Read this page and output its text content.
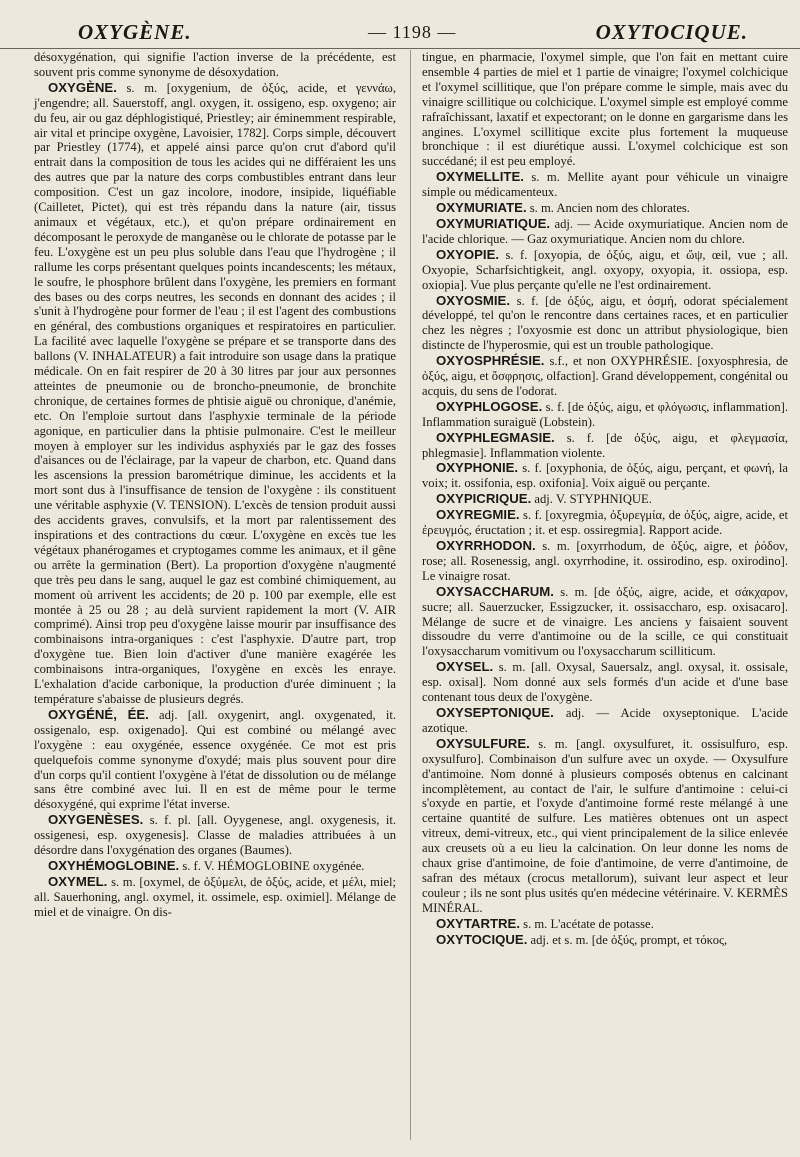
OXYGÈNE.	— 1198 —	OXYTOCIQUE.

désoxygénation, qui signifie l'action inverse de la précédente, est souvent pris comme synonyme de désoxydation.

OXYGÈNE. s. m. [oxygenium, de ὀξύς, acide, et γεννάω, j'engendre; all. Sauerstoff, angl. oxygen, it. ossigeno, esp. oxygeno; air du feu, air ou gaz déphlogistiqué, Priestley; air éminemment respirable, air vital et principe oxygène, Lavoisier, 1782]. Corps simple, découvert par Priestley (1774), et appelé ainsi parce qu'on crut d'abord qu'il entrait dans la composition de tous les acides qui ne différaient les uns des autres que par la nature des corps combustibles entrant dans leur composition. C'est un gaz incolore, inodore, insipide, liquéfiable (Cailletet, Pictet), qui est très répandu dans la nature (air, tissus animaux et végétaux, etc.), et qu'on prépare ordinairement en décomposant le peroxyde de manganèse ou le chlorate de potasse par le feu. L'oxygène est un peu plus soluble dans l'eau que l'hydrogène ; il rallume les corps présentant quelques points incandescents; les métaux, le soufre, le phosphore brûlent dans l'oxygène, les premiers en formant des bases ou des corps neutres, les seconds en donnant des acides ; il s'unit à l'hydrogène pour former de l'eau ; il est l'agent des combustions en général, des combustions organiques et respiratoires en particulier. La facilité avec laquelle l'oxygène se prépare et se transporte dans des ballons (V. INHALATEUR) a fait introduire son usage dans la pratique médicale. On en fait respirer de 20 à 30 litres par jour aux personnes atteintes de pneumonie ou de broncho-pneumonie, de bronchite chronique, de certaines formes de phtisie aiguë ou chronique, d'anémie, etc. On l'emploie surtout dans l'asphyxie terminale de la période agonique, en particulier dans la phtisie pulmonaire. C'est le meilleur moyen à employer sur les individus asphyxiés par le gaz des fosses d'aisances ou de l'éclairage, par la vapeur de charbon, etc. Quand dans les ascensions la pression barométrique diminue, les accidents et la mort sont dus à l'insuffisance de tension de l'oxygène : ils constituent une véritable asphyxie (V. TENSION). L'excès de tension produit aussi des accidents graves, convulsifs, et la mort par ralentissement des inspirations et des contractions du cœur. L'oxygène en excès tue les végétaux phanérogames et cryptogames comme les animaux, et il gêne ou arrête la germination (Bert). La proportion d'oxygène n'augmenté que très peu dans le sang, auquel le gaz est combiné chimiquement, au moment où arrivent les accidents; de 20 p. 100 par exemple, elle est montée à 25 ou 28 ; au delà survient rapidement la mort (V. AIR comprimé). Ainsi trop peu d'oxygène laisse mourir par insuffisance des combinaisons intra-organiques : c'est l'asphyxie. D'autre part, trop d'oxygène tue. Bien loin d'activer d'une manière exagérée les combinaisons intra-organiques, l'oxygène en excès les enraye. L'exhalation d'acide carbonique, la production d'urée diminuent ; la température s'abaisse de plusieurs degrés.

OXYGÉNÉ, ÉE. adj. [all. oxygenirt, angl. oxygenated, it. ossigenalo, esp. oxigenado]. Qui est combiné ou mélangé avec l'oxygène : eau oxygénée, essence oxygénée. Ce mot est pris quelquefois comme synonyme d'oxydé; mais plus souvent pour dire d'un corps qu'il contient l'oxygène à l'état de dissolution ou de mélange sans être combiné avec lui. Il en est de même pour le terme désoxygéné, qui exprime l'état inverse.

OXYGENÈSES. s. f. pl. [all. Oyygenese, angl. oxygenesis, it. ossigenesi, esp. oxygenesis]. Classe de maladies attribuées à un désordre dans l'oxygénation des organes (Baumes).

OXYHÉMOGLOBINE. s. f. V. HÉMOGLOBINE oxygénée.

OXYMEL. s. m. [oxymel, de ὀξύμελι, de ὀξύς, acide, et μέλι, miel; all. Sauerhoning, angl. oxymel, it. ossimele, esp. oximiel]. Mélange de miel et de vinaigre. On dis-

tingue, en pharmacie, l'oxymel simple, que l'on fait en mettant cuire ensemble 4 parties de miel et 1 partie de vinaigre; l'oxymel colchicique et l'oxymel scillitique, que l'on prépare comme le simple, mais avec du vinaigre scillitique ou colchicique. L'oxymel simple est employé comme rafraîchissant, laxatif et expectorant; on le donne en gargarisme dans les angines. L'oxymel scillitique excite plus fortement la muqueuse bronchique : il est diurétique aussi. L'oxymel colchicique est son succédané; il est peu employé.

OXYMELLITE. s. m. Mellite ayant pour véhicule un vinaigre simple ou médicamenteux.

OXYMURIATE. s. m. Ancien nom des chlorates.

OXYMURIATIQUE. adj. — Acide oxymuriatique. Ancien nom de l'acide chlorique. — Gaz oxymuriatique. Ancien nom du chlore.

OXYOPIE. s. f. [oxyopia, de ὀξύς, aigu, et ὤψ, œil, vue ; all. Oxyopie, Scharfsichtigkeit, angl. oxyopy, oxyopia, it. ossiopa, esp. oxiopia]. Vue plus perçante qu'elle ne l'est ordinairement.

OXYOSMIE. s. f. [de ὀξύς, aigu, et ὀσμή, odorat spécialement développé, tel qu'on le rencontre dans certaines races, et en particulier chez les nègres ; l'oxyosmie est donc un attribut physiologique, bien distincte de l'hyperosmie, qui est un trouble pathologique.

OXYOSPHRÉSIE. s.f., et non OXYPHRÉSIE. [oxyosphresia, de ὀξύς, aigu, et ὄσφρησις, olfaction]. Grand développement, congénital ou acquis, du sens de l'odorat.

OXYPHLOGOSE. s. f. [de ὀξύς, aigu, et φλόγωσις, inflammation]. Inflammation suraiguë (Lobstein).

OXYPHLEGMASIE. s. f. [de ὀξύς, aigu, et φλεγμασία, phlegmasie]. Inflammation violente.

OXYPHONIE. s. f. [oxyphonia, de ὀξύς, aigu, perçant, et φωνή, la voix; it. ossifonia, esp. oxifonia]. Voix aiguë ou perçante.

OXYPICRIQUE. adj. V. STYPHNIQUE.

OXYREGMIE. s. f. [oxyregmia, ὀξυρεγμία, de ὀξύς, aigre, acide, et ἐρευγμός, éructation ; it. et esp. ossiregmia]. Rapport acide.

OXYRRHODON. s. m. [oxyrrhodum, de ὀξύς, aigre, et ῥόδον, rose; all. Rosenessig, angl. oxyrrhodine, it. ossirodino, esp. oxirodino]. Le vinaigre rosat.

OXYSACCHARUM. s. m. [de ὀξύς, aigre, acide, et σάκχαρον, sucre; all. Sauerzucker, Essigzucker, it. ossisaccharo, esp. oxisacaro]. Mélange de sucre et de vinaigre. Les anciens y faisaient souvent dissoudre du verre d'antimoine ou de la scille, ce qui constituait l'oxysaccharum vomitivum ou l'oxysaccharum scilliticum.

OXYSEL. s. m. [all. Oxysal, Sauersalz, angl. oxysal, it. ossisale, esp. oxisal]. Nom donné aux sels formés d'un acide et d'une base contenant tous deux de l'oxygène.

OXYSEPTONIQUE. adj. — Acide oxyseptonique. L'acide azotique.

OXYSULFURE. s. m. [angl. oxysulfuret, it. ossisulfuro, esp. oxysulfuro]. Combinaison d'un sulfure avec un oxyde. — Oxysulfure d'antimoine. Nom donné à plusieurs composés obtenus en calcinant incomplètement, au contact de l'air, le sulfure d'antimoine : celui-ci s'oxyde en partie, et l'oxyde d'antimoine formé reste mélangé à une certaine quantité de sulfure. Les matières obtenues ont un aspect vitreux, demi-vitreux, etc., qui vient principalement de la silice enlevée aux creusets où a eu lieu la calcination. On leur donne les noms de chaux grise d'antimoine, de foie d'antimoine, de verre d'antimoine, de safran des métaux (crocus metallorum), suivant leur aspect et leur couleur ; ils ne sont plus usités qu'en médecine vétérinaire. V. KERMÈS MINÉRAL.

OXYTARTRE. s. m. L'acétate de potasse.

OXYTOCIQUE. adj. et s. m. [de ὀξύς, prompt, et τόκος,
